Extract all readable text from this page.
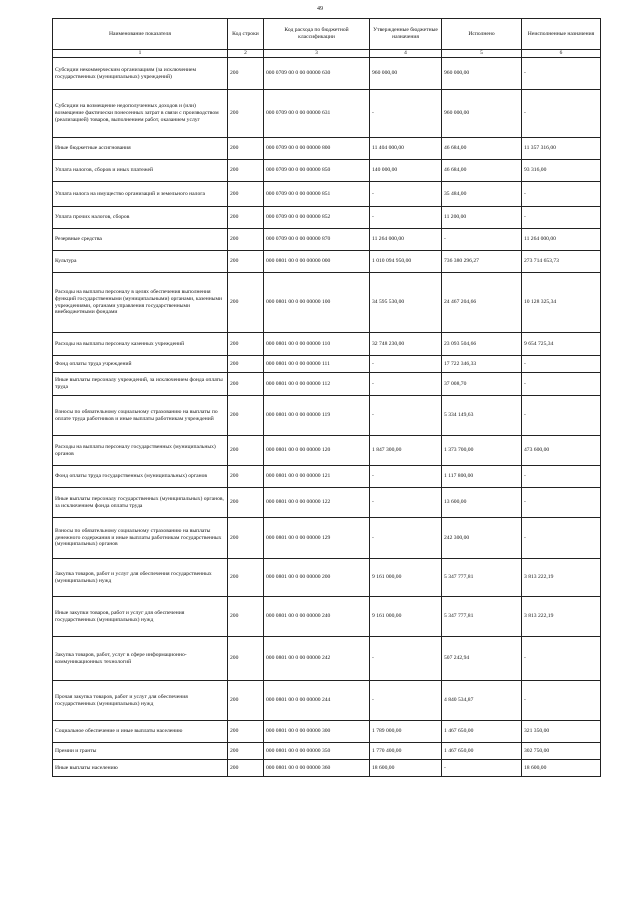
49
Наименование показателя	Код строки	Код расхода по бюджетной классификации	Утвержденные бюджетные назначения	Исполнено	Неисполненные назначения
1	2	3	4	5	6
Субсидии некоммерческим организациям (за исключением государственных (муниципальных) учреждений)	200	000 0709 00 0 00 00000 630	960 000,00	960 000,00	-
Субсидии на возмещение недополученных доходов и (или) возмещение фактически понесенных затрат в связи с производством (реализацией) товаров, выполнением работ, оказанием услуг	200	000 0709 00 0 00 00000 631	-	960 000,00	-
Иные бюджетные ассигнования	200	000 0709 00 0 00 00000 800	11 404 000,00	46 684,00	11 357 316,00
Уплата налогов, сборов и иных платежей	200	000 0709 00 0 00 00000 850	140 000,00	46 684,00	93 316,00
Уплата налога на имущество организаций и земельного налога	200	000 0709 00 0 00 00000 851	-	35 484,00	-
Уплата прочих налогов, сборов	200	000 0709 00 0 00 00000 852	-	11 200,00	-
Резервные средства	200	000 0709 00 0 00 00000 870	11 264 000,00	-	11 264 000,00
Культура	200	000 0801 00 0 00 00000 000	1 010 094 950,00	736 380 296,27	273 714 653,73
Расходы на выплаты персоналу в целях обеспечения выполнения функций государственными (муниципальными) органами, казенными учреждениями, органами управления государственными внебюджетными фондами	200	000 0801 00 0 00 00000 100	34 595 530,00	24 467 204,66	10 128 325,34
Расходы на выплаты персоналу казенных учреждений	200	000 0801 00 0 00 00000 110	32 748 230,00	23 093 504,66	9 654 725,34
Фонд оплаты труда учреждений	200	000 0801 00 0 00 00000 111	-	17 722 346,33	-
Иные выплаты персоналу учреждений, за исключением фонда оплаты труда	200	000 0801 00 0 00 00000 112	-	37 008,70	-
Взносы по обязательному социальному страхованию на выплаты по оплате труда работников и иные выплаты работникам учреждений	200	000 0801 00 0 00 00000 119	-	5 334 149,63	-
Расходы на выплаты персоналу государственных (муниципальных) органов	200	000 0801 00 0 00 00000 120	1 847 300,00	1 373 700,00	473 600,00
Фонд оплаты труда государственных (муниципальных) органов	200	000 0801 00 0 00 00000 121	-	1 117 800,00	-
Иные выплаты персоналу государственных (муниципальных) органов, за исключением фонда оплаты труда	200	000 0801 00 0 00 00000 122	-	13 600,00	-
Взносы по обязательному социальному страхованию на выплаты денежного содержания и иные выплаты работникам государственных (муниципальных) органов	200	000 0801 00 0 00 00000 129	-	242 300,00	-
Закупка товаров, работ и услуг для обеспечения государственных (муниципальных) нужд	200	000 0801 00 0 00 00000 200	9 161 000,00	5 347 777,81	3 813 222,19
Иные закупки товаров, работ и услуг для обеспечения государственных (муниципальных) нужд	200	000 0801 00 0 00 00000 240	9 161 000,00	5 347 777,81	3 813 222,19
Закупка товаров, работ, услуг в сфере информационно-коммуникационных технологий	200	000 0801 00 0 00 00000 242	-	507 242,94	-
Прочая закупка товаров, работ и услуг для обеспечения государственных (муниципальных) нужд	200	000 0801 00 0 00 00000 244	-	4 840 534,87	-
Социальное обеспечение и иные выплаты населению	200	000 0801 00 0 00 00000 300	1 789 000,00	1 467 650,00	321 350,00
Премии и гранты	200	000 0801 00 0 00 00000 350	1 770 400,00	1 467 650,00	302 750,00
Иные выплаты населению	200	000 0801 00 0 00 00000 360	18 600,00	-	18 600,00
